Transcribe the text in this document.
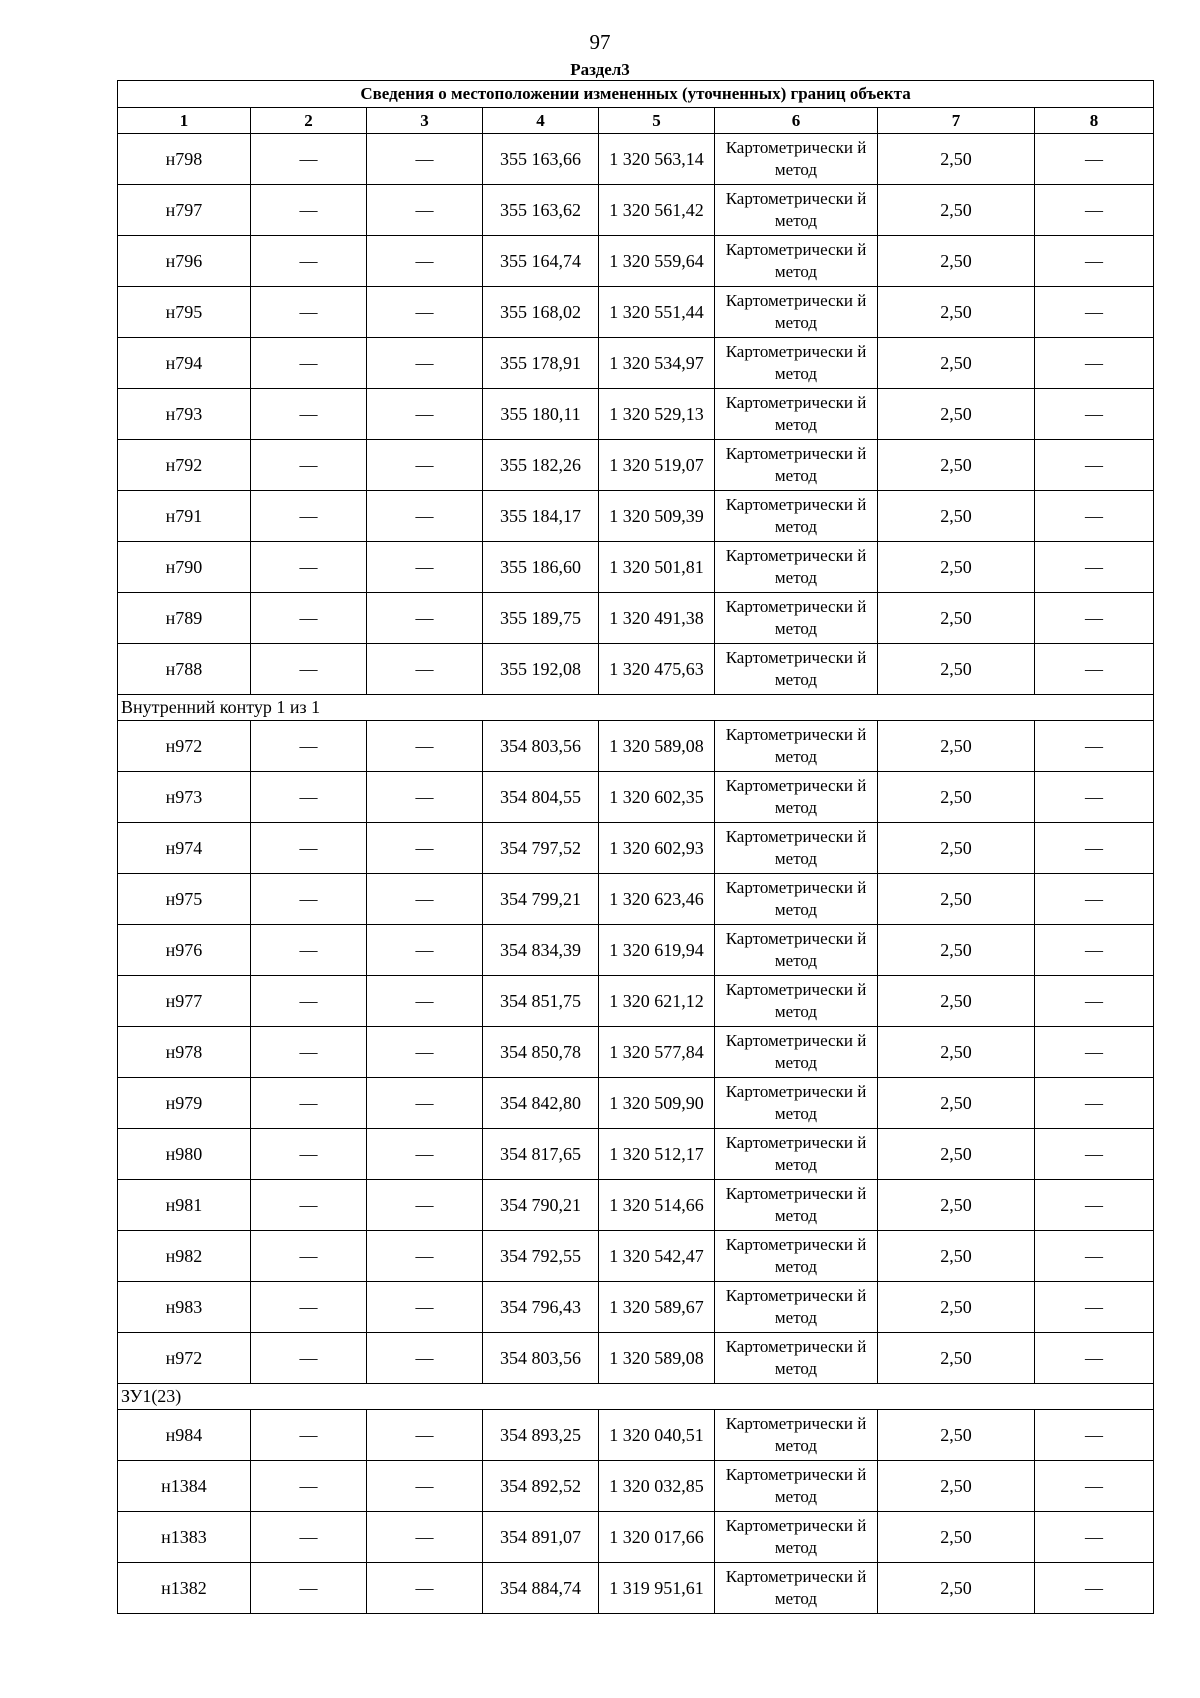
97
Раздел3
Сведения о местоположении измененных (уточненных) границ объекта							
1	2	3	4	5	6	7	8
н798	—	—	355 163,66	1 320 563,14	Картометрически й метод	2,50	—
н797	—	—	355 163,62	1 320 561,42	Картометрически й метод	2,50	—
н796	—	—	355 164,74	1 320 559,64	Картометрически й метод	2,50	—
н795	—	—	355 168,02	1 320 551,44	Картометрически й метод	2,50	—
н794	—	—	355 178,91	1 320 534,97	Картометрически й метод	2,50	—
н793	—	—	355 180,11	1 320 529,13	Картометрически й метод	2,50	—
н792	—	—	355 182,26	1 320 519,07	Картометрически й метод	2,50	—
н791	—	—	355 184,17	1 320 509,39	Картометрически й метод	2,50	—
н790	—	—	355 186,60	1 320 501,81	Картометрически й метод	2,50	—
н789	—	—	355 189,75	1 320 491,38	Картометрически й метод	2,50	—
н788	—	—	355 192,08	1 320 475,63	Картометрически й метод	2,50	—
Внутренний контур 1 из 1							
н972	—	—	354 803,56	1 320 589,08	Картометрически й метод	2,50	—
н973	—	—	354 804,55	1 320 602,35	Картометрически й метод	2,50	—
н974	—	—	354 797,52	1 320 602,93	Картометрически й метод	2,50	—
н975	—	—	354 799,21	1 320 623,46	Картометрически й метод	2,50	—
н976	—	—	354 834,39	1 320 619,94	Картометрически й метод	2,50	—
н977	—	—	354 851,75	1 320 621,12	Картометрически й метод	2,50	—
н978	—	—	354 850,78	1 320 577,84	Картометрически й метод	2,50	—
н979	—	—	354 842,80	1 320 509,90	Картометрически й метод	2,50	—
н980	—	—	354 817,65	1 320 512,17	Картометрически й метод	2,50	—
н981	—	—	354 790,21	1 320 514,66	Картометрически й метод	2,50	—
н982	—	—	354 792,55	1 320 542,47	Картометрически й метод	2,50	—
н983	—	—	354 796,43	1 320 589,67	Картометрически й метод	2,50	—
н972	—	—	354 803,56	1 320 589,08	Картометрически й метод	2,50	—
ЗУ1(23)							
н984	—	—	354 893,25	1 320 040,51	Картометрически й метод	2,50	—
н1384	—	—	354 892,52	1 320 032,85	Картометрически й метод	2,50	—
н1383	—	—	354 891,07	1 320 017,66	Картометрически й метод	2,50	—
н1382	—	—	354 884,74	1 319 951,61	Картометрически й метод	2,50	—
